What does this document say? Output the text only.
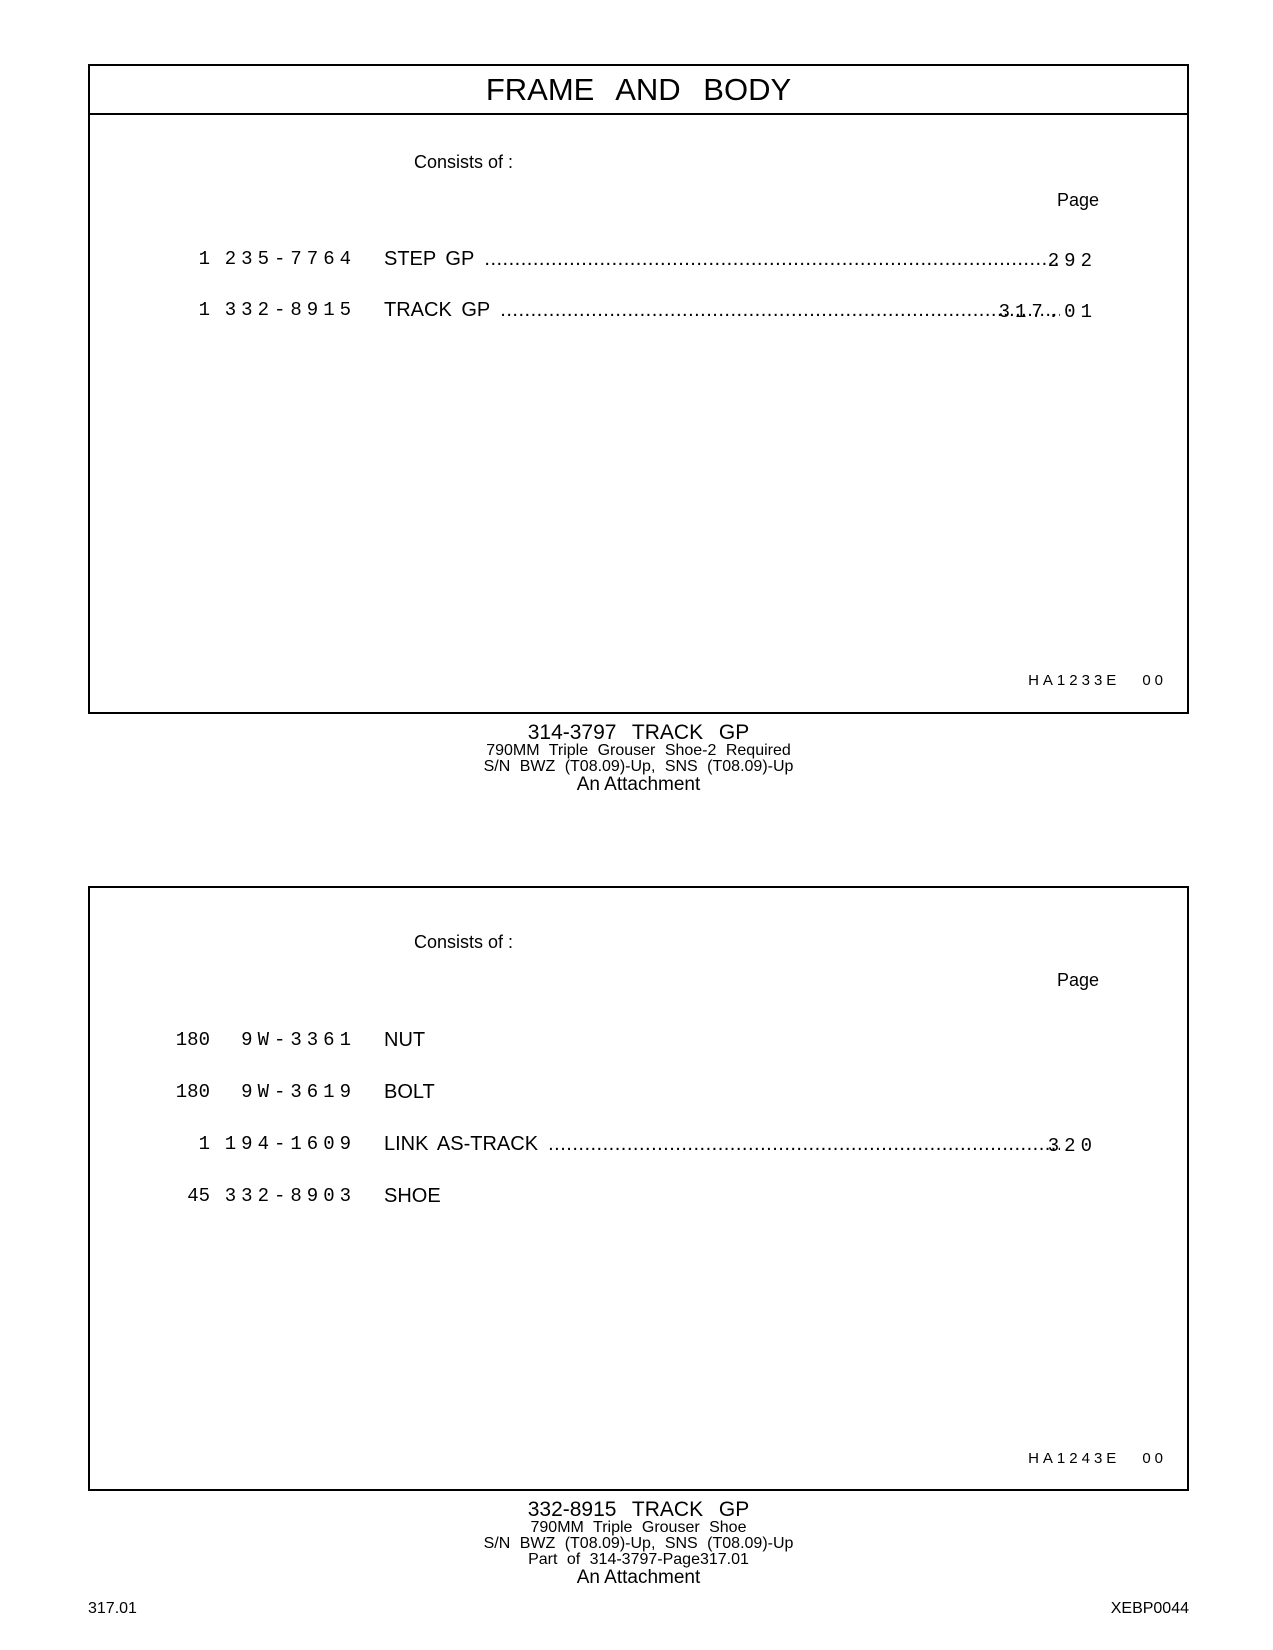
FRAME AND BODY
Consists of :
Page
1 235-7764 STEP GP .....	292
1 332-8915 TRACK GP .....	317.01
HA1233E 00
314-3797 TRACK GP
790MM Triple Grouser Shoe-2 Required
S/N BWZ (T08.09)-Up, SNS (T08.09)-Up
An Attachment
Consists of :
Page
180 9W-3361 NUT
180 9W-3619 BOLT
1 194-1609 LINK AS-TRACK .....	320
45 332-8903 SHOE
HA1243E 00
332-8915 TRACK GP
790MM Triple Grouser Shoe
S/N BWZ (T08.09)-Up, SNS (T08.09)-Up
Part of 314-3797-Page317.01
An Attachment
317.01	XEBP0044
